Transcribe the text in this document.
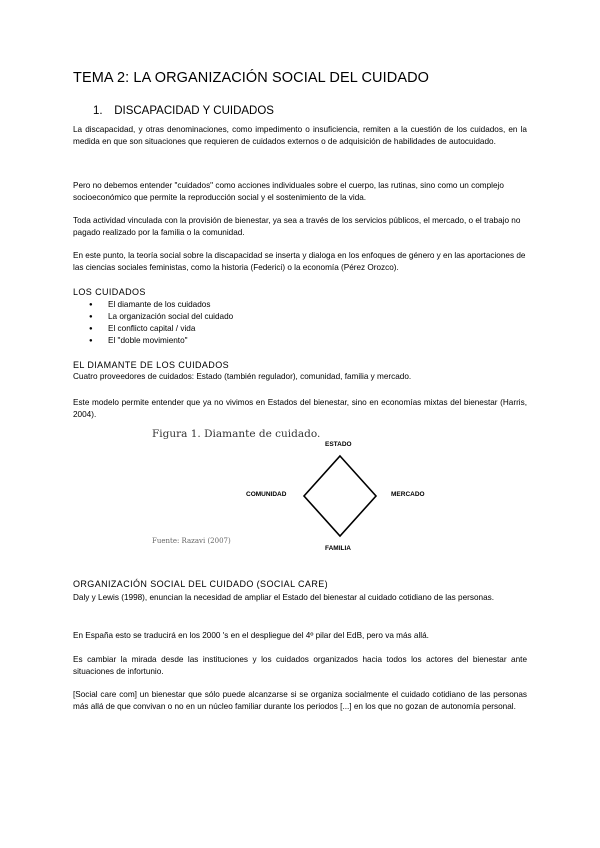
TEMA 2: LA ORGANIZACIÓN SOCIAL DEL CUIDADO
1. DISCAPACIDAD Y CUIDADOS

La discapacidad, y otras denominaciones, como impedimento o insuficiencia, remiten a la cuestión de los cuidados, en la medida en que son situaciones que requieren de cuidados externos o de adquisición de habilidades de autocuidado.

Pero no debemos entender "cuidados" como acciones individuales sobre el cuerpo, las rutinas, sino como un complejo socioeconómico que permite la reproducción social y el sostenimiento de la vida.

Toda actividad vinculada con la provisión de bienestar, ya sea a través de los servicios públicos, el mercado, o el trabajo no pagado realizado por la familia o la comunidad.

En este punto, la teoría social sobre la discapacidad se inserta y dialoga en los enfoques de género y en las aportaciones de las ciencias sociales feministas, como la historia (Federici) o la economía (Pérez Orozco).

LOS CUIDADOS
● El diamante de los cuidados
● La organización social del cuidado
● El conflicto capital / vida
● El "doble movimiento"
EL DIAMANTE DE LOS CUIDADOS

Cuatro proveedores de cuidados: Estado (también regulador), comunidad, familia y mercado.

Este modelo permite entender que ya no vivimos en Estados del bienestar, sino en economías mixtas del bienestar (Harris, 2004).

Figura 1. Diamante de cuidado.
ESTADO
COMUNIDAD	MERCADO
FAMILIA
Fuente: Razavi (2007)
ORGANIZACIÓN SOCIAL DEL CUIDADO (SOCIAL CARE)

Daly y Lewis (1998), enuncian la necesidad de ampliar el Estado del bienestar al cuidado cotidiano de las personas.

En España esto se traducirá en los 2000 's en el despliegue del 4º pilar del EdB, pero va más allá.

Es cambiar la mirada desde las instituciones y los cuidados organizados hacia todos los actores del bienestar ante situaciones de infortunio.

[Social care com] un bienestar que sólo puede alcanzarse si se organiza socialmente el cuidado cotidiano de las personas más allá de que convivan o no en un núcleo familiar durante los periodos [...] en los que no gozan de autonomía personal.
